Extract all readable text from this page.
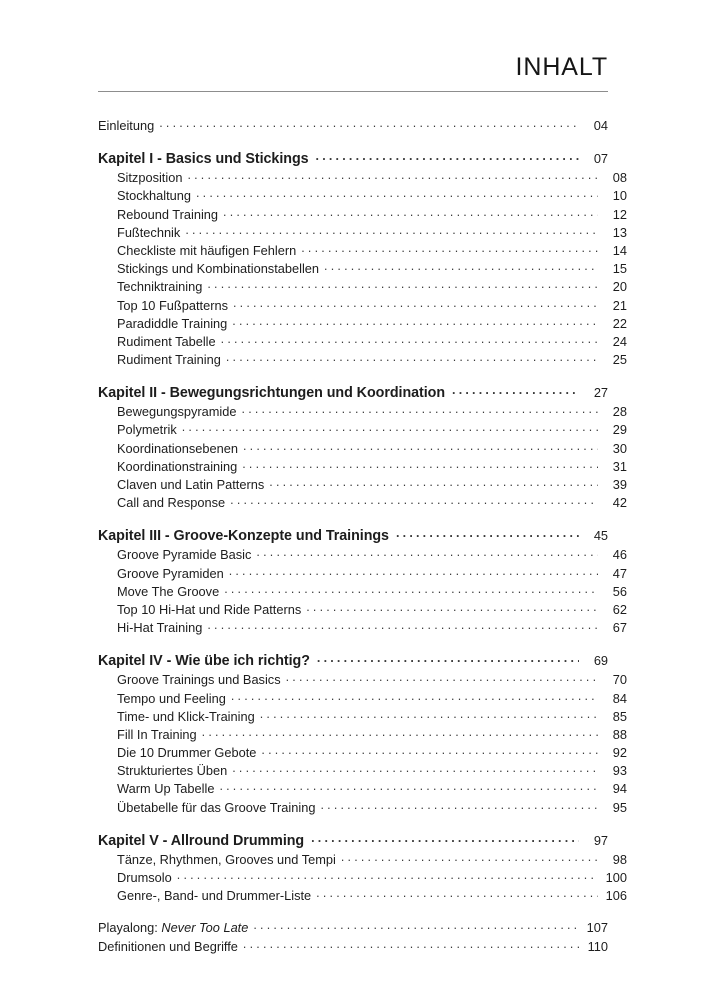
INHALT
Einleitung .....	04
Kapitel I - Basics und Stickings .....	07
Sitzposition .....	08
Stockhaltung .....	10
Rebound Training .....	12
Fußtechnik .....	13
Checkliste mit häufigen Fehlern .....	14
Stickings und Kombinationstabellen .....	15
Techniktraining .....	20
Top 10 Fußpatterns .....	21
Paradiddle Training .....	22
Rudiment Tabelle .....	24
Rudiment Training .....	25
Kapitel II - Bewegungsrichtungen und Koordination .....	27
Bewegungspyramide .....	28
Polymetrik .....	29
Koordinationsebenen .....	30
Koordinationstraining .....	31
Claven und Latin Patterns .....	39
Call and Response .....	42
Kapitel III - Groove-Konzepte und Trainings .....	45
Groove Pyramide Basic .....	46
Groove Pyramiden .....	47
Move The Groove .....	56
Top 10 Hi-Hat und Ride Patterns .....	62
Hi-Hat Training .....	67
Kapitel IV - Wie übe ich richtig? .....	69
Groove Trainings und Basics .....	70
Tempo und Feeling .....	84
Time- und Klick-Training .....	85
Fill In Training .....	88
Die 10 Drummer Gebote .....	92
Strukturiertes Üben .....	93
Warm Up Tabelle .....	94
Übetabelle für das Groove Training .....	95
Kapitel V - Allround Drumming .....	97
Tänze, Rhythmen, Grooves und Tempi .....	98
Drumsolo .....	100
Genre-, Band- und Drummer-Liste .....	106
Playalong: Never Too Late .....	107
Definitionen und Begriffe .....	110
